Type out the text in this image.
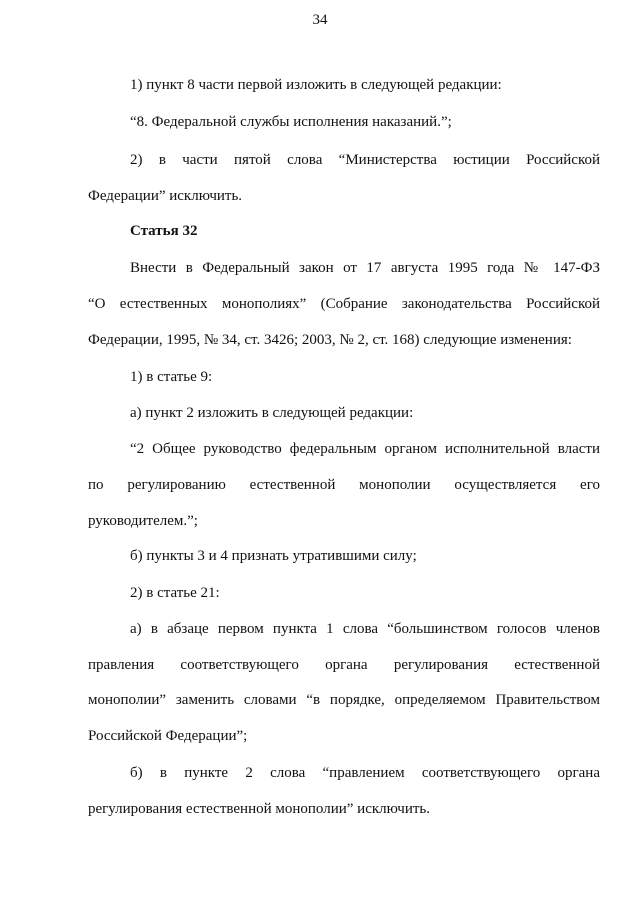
34
1) пункт 8 части первой изложить в следующей редакции:
“8. Федеральной службы исполнения наказаний.”;
2) в части пятой слова “Министерства юстиции Российской
Федерации” исключить.
Статья 32
Внести в Федеральный закон от 17 августа 1995 года № 147-ФЗ
“О естественных монополиях” (Собрание законодательства Российской
Федерации, 1995, № 34, ст. 3426; 2003, № 2, ст. 168) следующие изменения:
1) в статье 9:
а) пункт 2 изложить в следующей редакции:
“2 Общее руководство федеральным органом исполнительной власти
по регулированию естественной монополии осуществляется его
руководителем.”;
б) пункты 3 и 4 признать утратившими силу;
2) в статье 21:
а) в абзаце первом пункта 1 слова “большинством голосов членов
правления соответствующего органа регулирования естественной
монополии” заменить словами “в порядке, определяемом Правительством
Российской Федерации”;
б) в пункте 2 слова “правлением соответствующего органа
регулирования естественной монополии” исключить.
